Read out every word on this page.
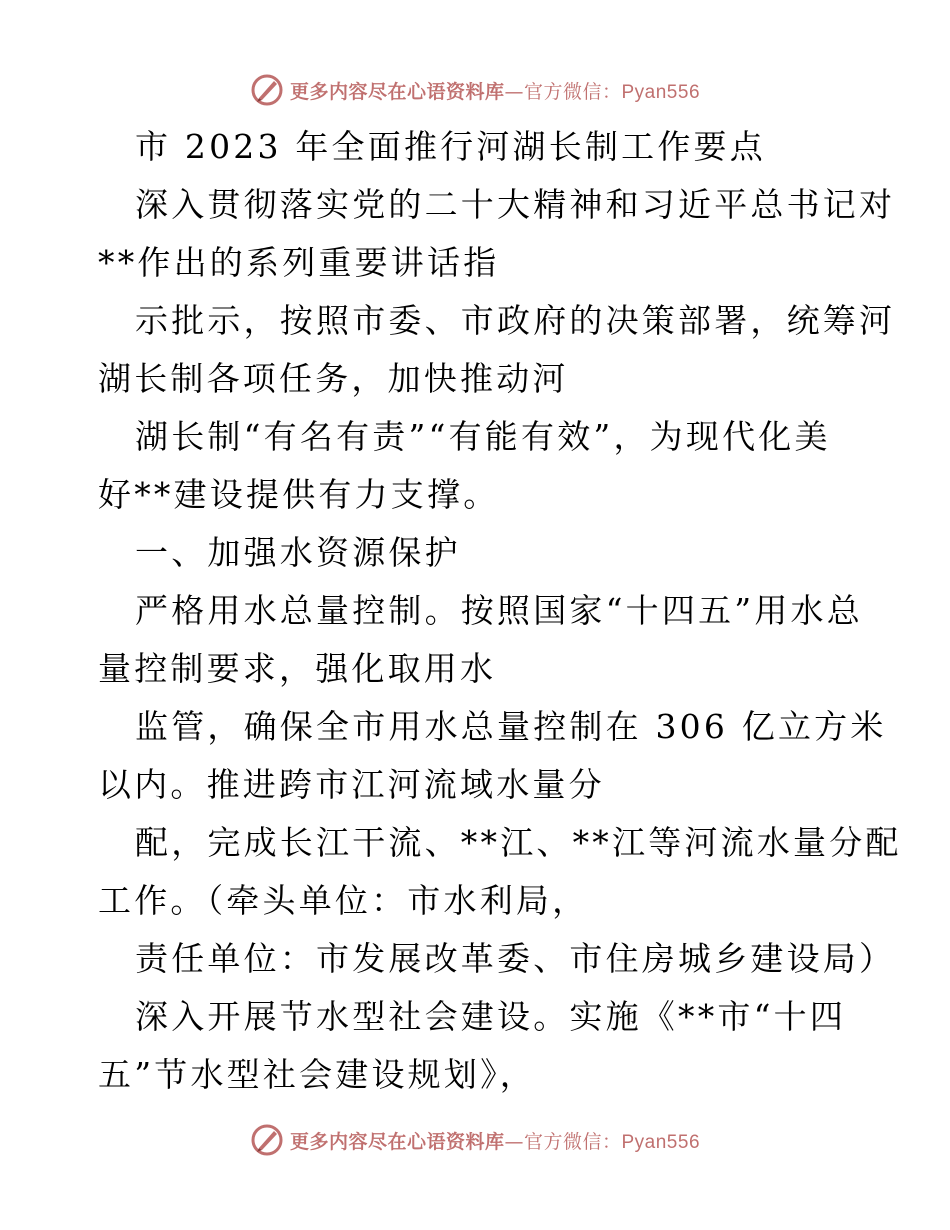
更多内容尽在心语资料库—官方微信：Pyan556
市 2023 年全面推行河湖长制工作要点
深入贯彻落实党的二十大精神和习近平总书记对
**作出的系列重要讲话指
示批示，按照市委、市政府的决策部署，统筹河
湖长制各项任务，加快推动河
湖长制“有名有责”“有能有效”，为现代化美
好**建设提供有力支撑。
一、加强水资源保护
严格用水总量控制。按照国家“十四五”用水总
量控制要求，强化取用水
监管，确保全市用水总量控制在 306 亿立方米
以内。推进跨市江河流域水量分
配，完成长江干流、**江、**江等河流水量分配
工作。（牵头单位：市水利局，
责任单位：市发展改革委、市住房城乡建设局）
深入开展节水型社会建设。实施《**市“十四
五”节水型社会建设规划》，
更多内容尽在心语资料库—官方微信：Pyan556
